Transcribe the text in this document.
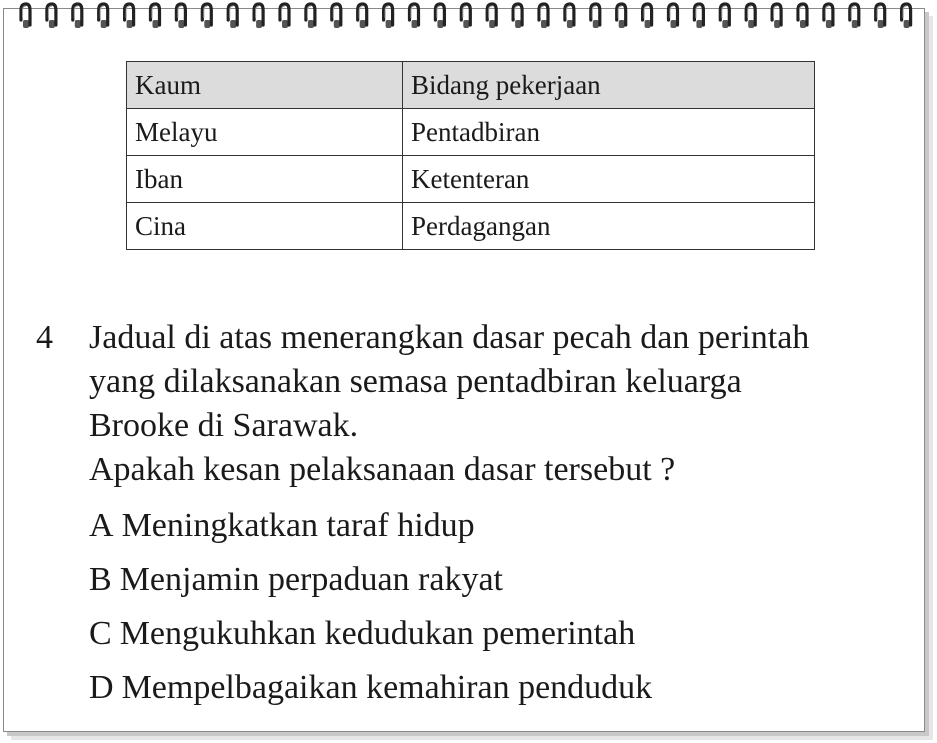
Kaum	Bidang pekerjaan
Melayu	Pentadbiran
Iban	Ketenteran
Cina	Perdagangan
4 Jadual di atas menerangkan dasar pecah dan perintah
yang dilaksanakan semasa pentadbiran keluarga
Brooke di Sarawak.
Apakah kesan pelaksanaan dasar tersebut ?
A Meningkatkan taraf hidup
B Menjamin perpaduan rakyat
C Mengukuhkan kedudukan pemerintah
D Mempelbagaikan kemahiran penduduk
